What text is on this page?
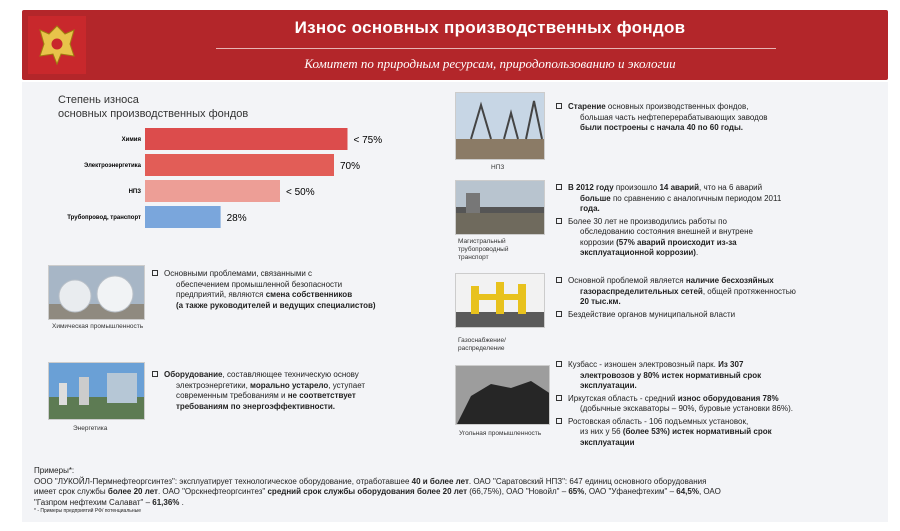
Износ основных производственных фондов
Комитет по природным ресурсам, природопользованию и экологии
Степень износа
основных производственных фондов
Химия	< 75%
Электроэнергетика	70%
НПЗ	< 50%
Трубопровод, транспорт	28%
Химическая промышленность
Основными проблемами, связанными с
обеспечением промышленной безопасности
предприятий, являются смена собственников
(а также руководителей и ведущих специалистов)
Энергетика
Оборудование, составляющее техническую основу
электроэнергетики, морально устарело, уступает
современным требованиям и не соответствует
требованиям по энергоэффективности.
НПЗ
Старение основных производственных фондов,
большая часть нефтеперерабатывающих заводов
были построены с начала 40 по 60 годы.
Магистральный трубопроводный транспорт
В 2012 году произошло 14 аварий, что на 6 аварий
больше по сравнению с аналогичным периодом 2011
года.
Более 30 лет не производились работы по
обследованию состояния внешней и внутрене
коррозии (57% аварий происходит из-за
эксплуатационной коррозии).
Газоснабжение/ распределение
Основной проблемой является наличие бесхозяйных
газораспределительных сетей, общей протяженностью
20 тыс.км.
Бездействие органов муниципальной власти
Угольная промышленность
Кузбасс - изношен электровозный парк. Из 307
электровозов у 80% истек нормативный срок
эксплуатации.
Иркутская область - средний износ оборудования 78%
(добычные экскаваторы – 90%, буровые установки 86%).
Ростовская область - 106 подъемных установок,
из них у 56 (более 53%) истек нормативный срок
эксплуатации
Примеры*:
ООО "ЛУКОЙЛ-Пермнефтеоргсинтез": эксплуатирует технологическое оборудование, отработавшее 40 и более лет. ОАО "Саратовский НПЗ": 647 единиц основного оборудования
имеет срок службы более 20 лет. ОАО "Орскнефтеоргсинтез" средний срок службы оборудования более 20 лет (66,75%), ОАО "Новойл" – 65%, ОАО "Уфанефтехим" – 64,5%, ОАО
"Газпром нефтехим Салават" – 61,36% .
* - Примеры предприятий РФ/ потенциальные
